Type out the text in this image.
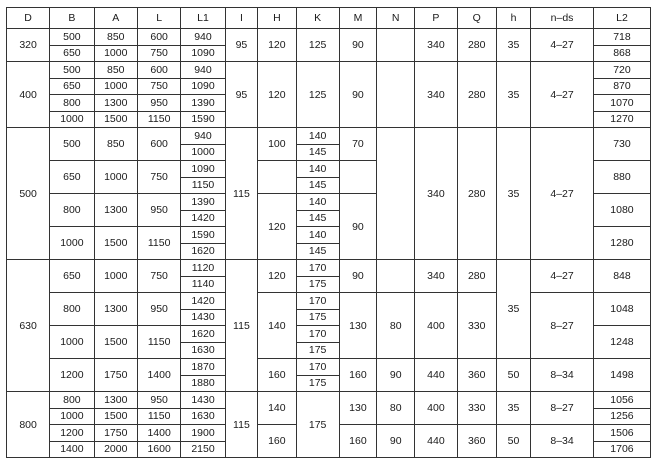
D	B	A	L	L1	I	H	K	M	N	P	Q	h	n–ds	L2
320	500	850	600	940	95	120	125	90		340	280	35	4–27	718
	650	1000	750	1090										868
400	500	850	600	940	95	120	125	90		340	280	35	4–27	720
	650	1000	750	1090										870
	800	1300	950	1390										1070
	1000	1500	1150	1590										1270
500	500	850	600	940	115	100	140	70		340	280	35	4–27	730
				1000			145							
	650	1000	750	1090			140							880
				1150			145							
	800	1300	950	1390		120	140	90						1080
				1420			145							
	1000	1500	1150	1590			140							1280
				1620			145							
630	650	1000	750	1120	115	120	170	90		340	280	35	4–27	848
				1140			175							
	800	1300	950	1420		140	170	130	80	400	330		8–27	1048
				1430			175							
	1000	1500	1150	1620			170							1248
				1630			175							
	1200	1750	1400	1870		160	170	160	90	440	360	50	8–34	1498
				1880			175							
800	800	1300	950	1430	115	140	175	130	80	400	330	35	8–27	1056
	1000	1500	1150	1630										1256
	1200	1750	1400	1900		160		160	90	440	360	50	8–34	1506
	1400	2000	1600	2150										1706
